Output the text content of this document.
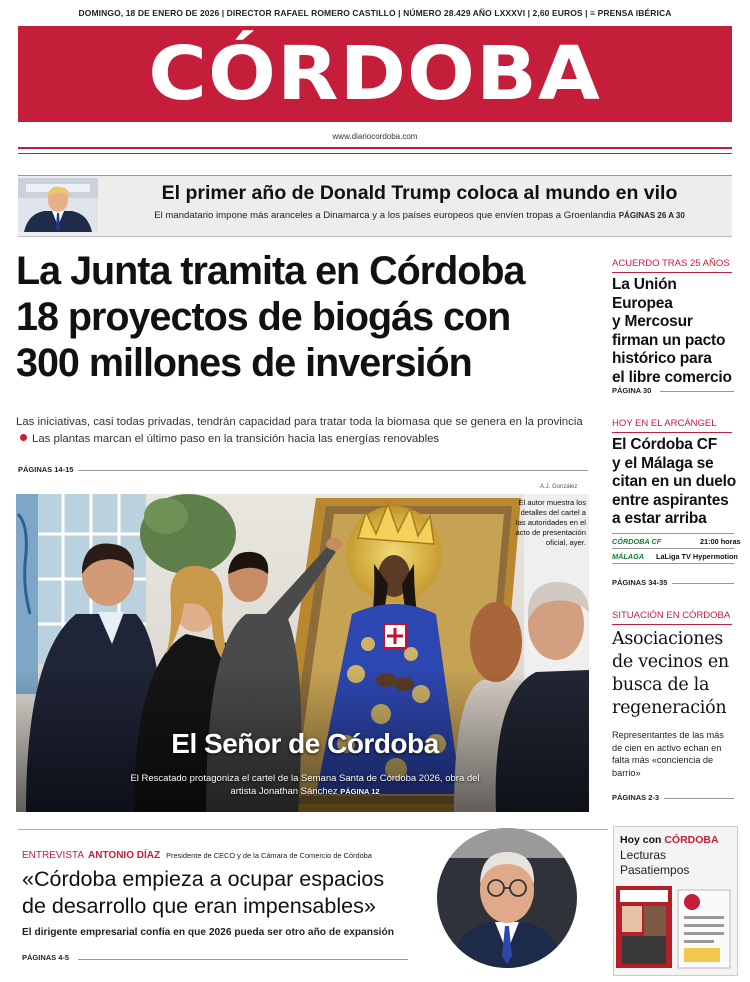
DOMINGO, 18 DE ENERO DE 2026 | DIRECTOR RAFAEL ROMERO CASTILLO | NÚMERO 28.429 AÑO LXXXVI | 2,60 EUROS | ≡ PRENSA IBÉRICA
CÓRDOBA
www.diariocordoba.com
El primer año de Donald Trump coloca al mundo en vilo
El mandatario impone más aranceles a Dinamarca y a los países europeos que envíen tropas a Groenlandia PÁGINAS 26 A 30
La Junta tramita en Córdoba
18 proyectos de biogás con
300 millones de inversión
Las iniciativas, casi todas privadas, tendrán capacidad para tratar toda la biomasa que se genera en la provinciaLas plantas marcan el último paso en la transición hacia las energías renovables
PÁGINAS 14-15
A.J. González
El autor muestra los detalles del cartel a las autoridades en el acto de presentación oficial, ayer.
El Señor de Córdoba
El Rescatado protagoniza el cartel de la Semana Santa de Córdoba 2026, obra del artista Jonathan Sánchez PÁGINA 12
ENTREVISTA ANTONIO DÍAZ Presidente de CECO y de la Cámara de Comercio de Córdoba
«Córdoba empieza a ocupar espacios
de desarrollo que eran impensables»
El dirigente empresarial confía en que 2026 pueda ser otro año de expansión
PÁGINAS 4-5
ACUERDO TRAS 25 AÑOS
La Unión Europea
y Mercosur
firman un pacto
histórico para
el libre comercio
PÁGINA 30
HOY EN EL ARCÁNGEL
El Córdoba CF
y el Málaga se
citan en un duelo
entre aspirantes
a estar arriba
CÓRDOBA CF	21:00 horas
MÁLAGA LaLiga TV Hypermotion
PÁGINAS 34-35
SITUACIÓN EN CÓRDOBA
Asociaciones
de vecinos en
busca de la
regeneración
Representantes de las más de cien en activo echan en falta más «conciencia de barrio»
PÁGINAS 2-3
Hoy con CÓRDOBA
Lecturas
Pasatiempos
